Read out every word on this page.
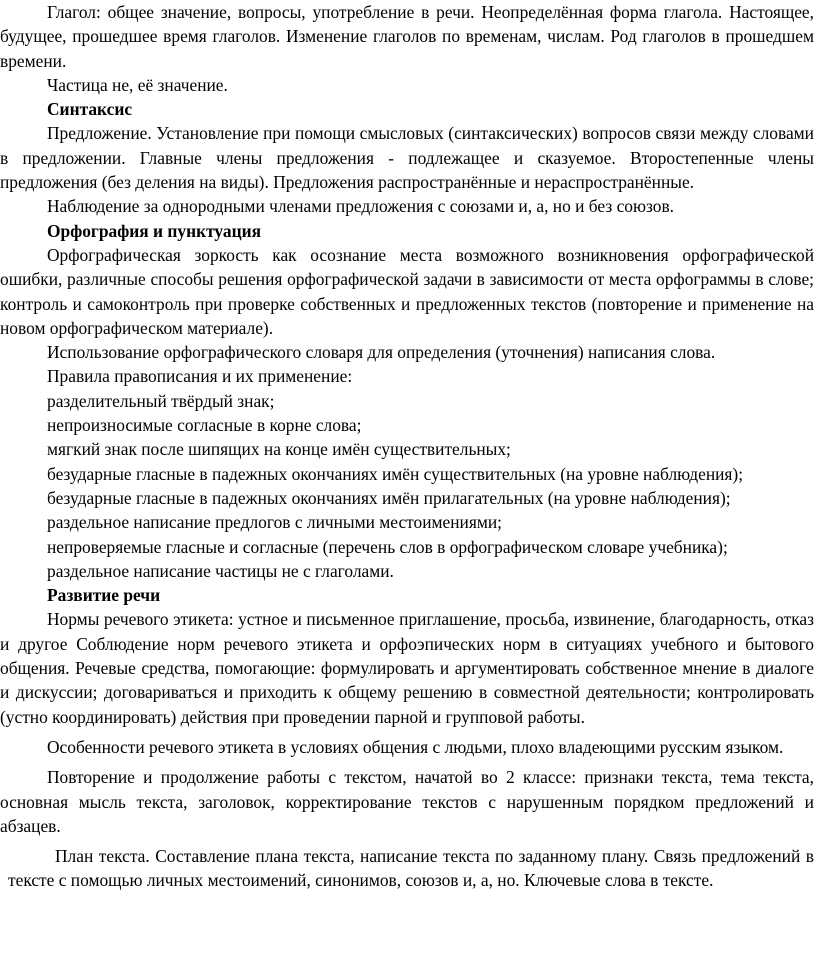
Глагол: общее значение, вопросы, употребление в речи. Неопределённая форма глагола. Настоящее, будущее, прошедшее время глаголов. Изменение глаголов по временам, числам. Род глаголов в прошедшем времени.

Частица не, её значение.

Синтаксис

Предложение. Установление при помощи смысловых (синтаксических) вопросов связи между словами в предложении. Главные члены предложения - подлежащее и сказуемое. Второстепенные члены предложения (без деления на виды). Предложения распространённые и нераспространённые.

Наблюдение за однородными членами предложения с союзами и, а, но и без союзов.

Орфография и пунктуация

Орфографическая зоркость как осознание места возможного возникновения орфографической ошибки, различные способы решения орфографической задачи в зависимости от места орфограммы в слове; контроль и самоконтроль при проверке собственных и предложенных текстов (повторение и применение на новом орфографическом материале).

Использование орфографического словаря для определения (уточнения) написания слова.

Правила правописания и их применение:

разделительный твёрдый знак;

непроизносимые согласные в корне слова;

мягкий знак после шипящих на конце имён существительных;

безударные гласные в падежных окончаниях имён существительных (на уровне наблюдения);

безударные гласные в падежных окончаниях имён прилагательных (на уровне наблюдения);

раздельное написание предлогов с личными местоимениями;

непроверяемые гласные и согласные (перечень слов в орфографическом словаре учебника);

раздельное написание частицы не с глаголами.

Развитие речи

Нормы речевого этикета: устное и письменное приглашение, просьба, извинение, благодарность, отказ и другое Соблюдение норм речевого этикета и орфоэпических норм в ситуациях учебного и бытового общения. Речевые средства, помогающие: формулировать и аргументировать собственное мнение в диалоге и дискуссии; договариваться и приходить к общему решению в совместной деятельности; контролировать (устно координировать) действия при проведении парной и групповой работы.

Особенности речевого этикета в условиях общения с людьми, плохо владеющими русским языком.

Повторение и продолжение работы с текстом, начатой во 2 классе: признаки текста, тема текста, основная мысль текста, заголовок, корректирование текстов с нарушенным порядком предложений и абзацев.

План текста. Составление плана текста, написание текста по заданному плану. Связь предложений в тексте с помощью личных местоимений, синонимов, союзов и, а, но. Ключевые слова в тексте.
